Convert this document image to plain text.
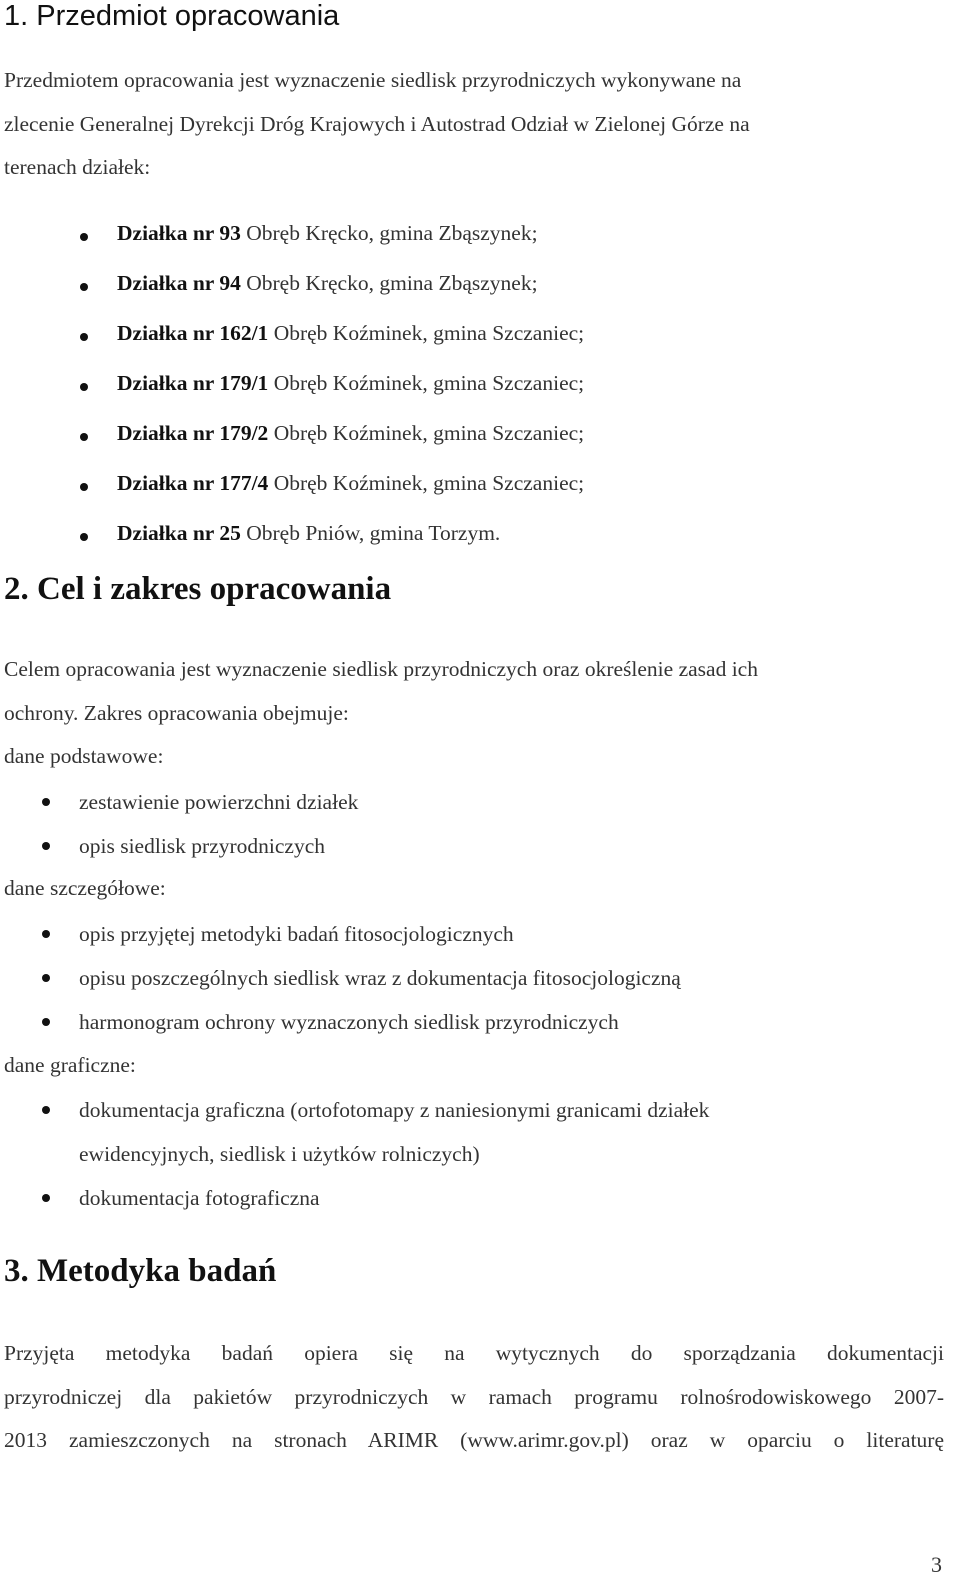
1. Przedmiot opracowania
Przedmiotem opracowania jest wyznaczenie siedlisk przyrodniczych wykonywane na
zlecenie Generalnej Dyrekcji Dróg Krajowych i Autostrad Odział w Zielonej Górze na
terenach działek:
Działka nr 93 Obręb Kręcko, gmina Zbąszynek;
Działka nr 94 Obręb Kręcko, gmina Zbąszynek;
Działka nr 162/1 Obręb Koźminek, gmina Szczaniec;
Działka nr 179/1 Obręb Koźminek, gmina Szczaniec;
Działka nr 179/2 Obręb Koźminek, gmina Szczaniec;
Działka nr 177/4 Obręb Koźminek, gmina Szczaniec;
Działka nr 25 Obręb Pniów, gmina Torzym.
2. Cel i zakres opracowania
Celem opracowania jest wyznaczenie siedlisk przyrodniczych oraz określenie zasad ich
ochrony. Zakres opracowania obejmuje:
dane podstawowe:
zestawienie powierzchni działek
opis siedlisk przyrodniczych
dane szczegółowe:
opis przyjętej metodyki badań fitosocjologicznych
opisu poszczególnych siedlisk wraz z dokumentacja fitosocjologiczną
harmonogram ochrony wyznaczonych siedlisk przyrodniczych
dane graficzne:
dokumentacja graficzna (ortofotomapy z naniesionymi granicami działek
ewidencyjnych, siedlisk i użytków rolniczych)
dokumentacja fotograficzna
3. Metodyka badań
Przyjęta metodyka badań opiera się na wytycznych do sporządzania dokumentacji
przyrodniczej dla pakietów przyrodniczych w ramach programu rolnośrodowiskowego 2007-
2013 zamieszczonych na stronach ARIMR (www.arimr.gov.pl) oraz w oparciu o literaturę
3
